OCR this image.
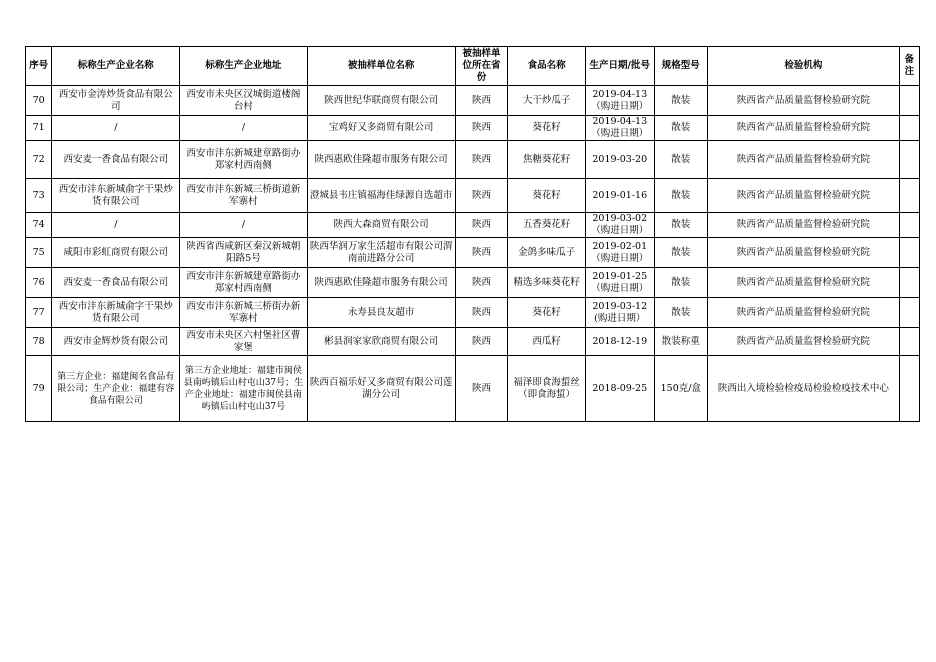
序号	标称生产企业名称	标称生产企业地址	被抽样单位名称	被抽样单位所在省份	食品名称	生产日期/批号	规格型号	检验机构	备注
70	西安市金涛炒货食品有限公司	西安市未央区汉城街道楼阁台村	陕西世纪华联商贸有限公司	陕西	大干炒瓜子	2019-04-13（购进日期）	散装	陕西省产品质量监督检验研究院	
71	/	/	宝鸡好又多商贸有限公司	陕西	葵花籽	2019-04-13（购进日期）	散装	陕西省产品质量监督检验研究院	
72	西安麦一香食品有限公司	西安市沣东新城建章路街办郑家村西南侧	陕西惠欧佳隆超市服务有限公司	陕西	焦糖葵花籽	2019-03-20	散装	陕西省产品质量监督检验研究院	
73	西安市沣东新城俞字干果炒货有限公司	西安市沣东新城三桥街道新军寨村	澄城县韦庄镇福海佳绿源自选超市	陕西	葵花籽	2019-01-16	散装	陕西省产品质量监督检验研究院	
74	/	/	陕西大森商贸有限公司	陕西	五香葵花籽	2019-03-02（购进日期）	散装	陕西省产品质量监督检验研究院	
75	咸阳市彩虹商贸有限公司	陕西省西咸新区秦汉新城朝阳路5号	陕西华润万家生活超市有限公司渭南前进路分公司	陕西	金鸽多味瓜子	2019-02-01（购进日期）	散装	陕西省产品质量监督检验研究院	
76	西安麦一香食品有限公司	西安市沣东新城建章路街办郑家村西南侧	陕西惠欧佳隆超市服务有限公司	陕西	精选多味葵花籽	2019-01-25（购进日期）	散装	陕西省产品质量监督检验研究院	
77	西安市沣东新城俞字干果炒货有限公司	西安市沣东新城三桥街办新军寨村	永寿县良友超市	陕西	葵花籽	2019-03-12(购进日期）	散装	陕西省产品质量监督检验研究院	
78	西安市金辉炒货有限公司	西安市未央区六村堡社区曹家堡	彬县润家家欣商贸有限公司	陕西	西瓜籽	2018-12-19	散装称重	陕西省产品质量监督检验研究院	
79	第三方企业：福建闽名食品有限公司；生产企业：福建有容食品有限公司	第三方企业地址：福建市闽侯县南屿镇后山村屯山37号；生产企业地址：福建市闽侯县南屿镇后山村屯山37号	陕西百福乐好又多商贸有限公司莲湖分公司	陕西	福泽即食海蜇丝（即食海蜇）	2018-09-25	150克/盒	陕西出入境检验检疫局检验检疫技术中心	
